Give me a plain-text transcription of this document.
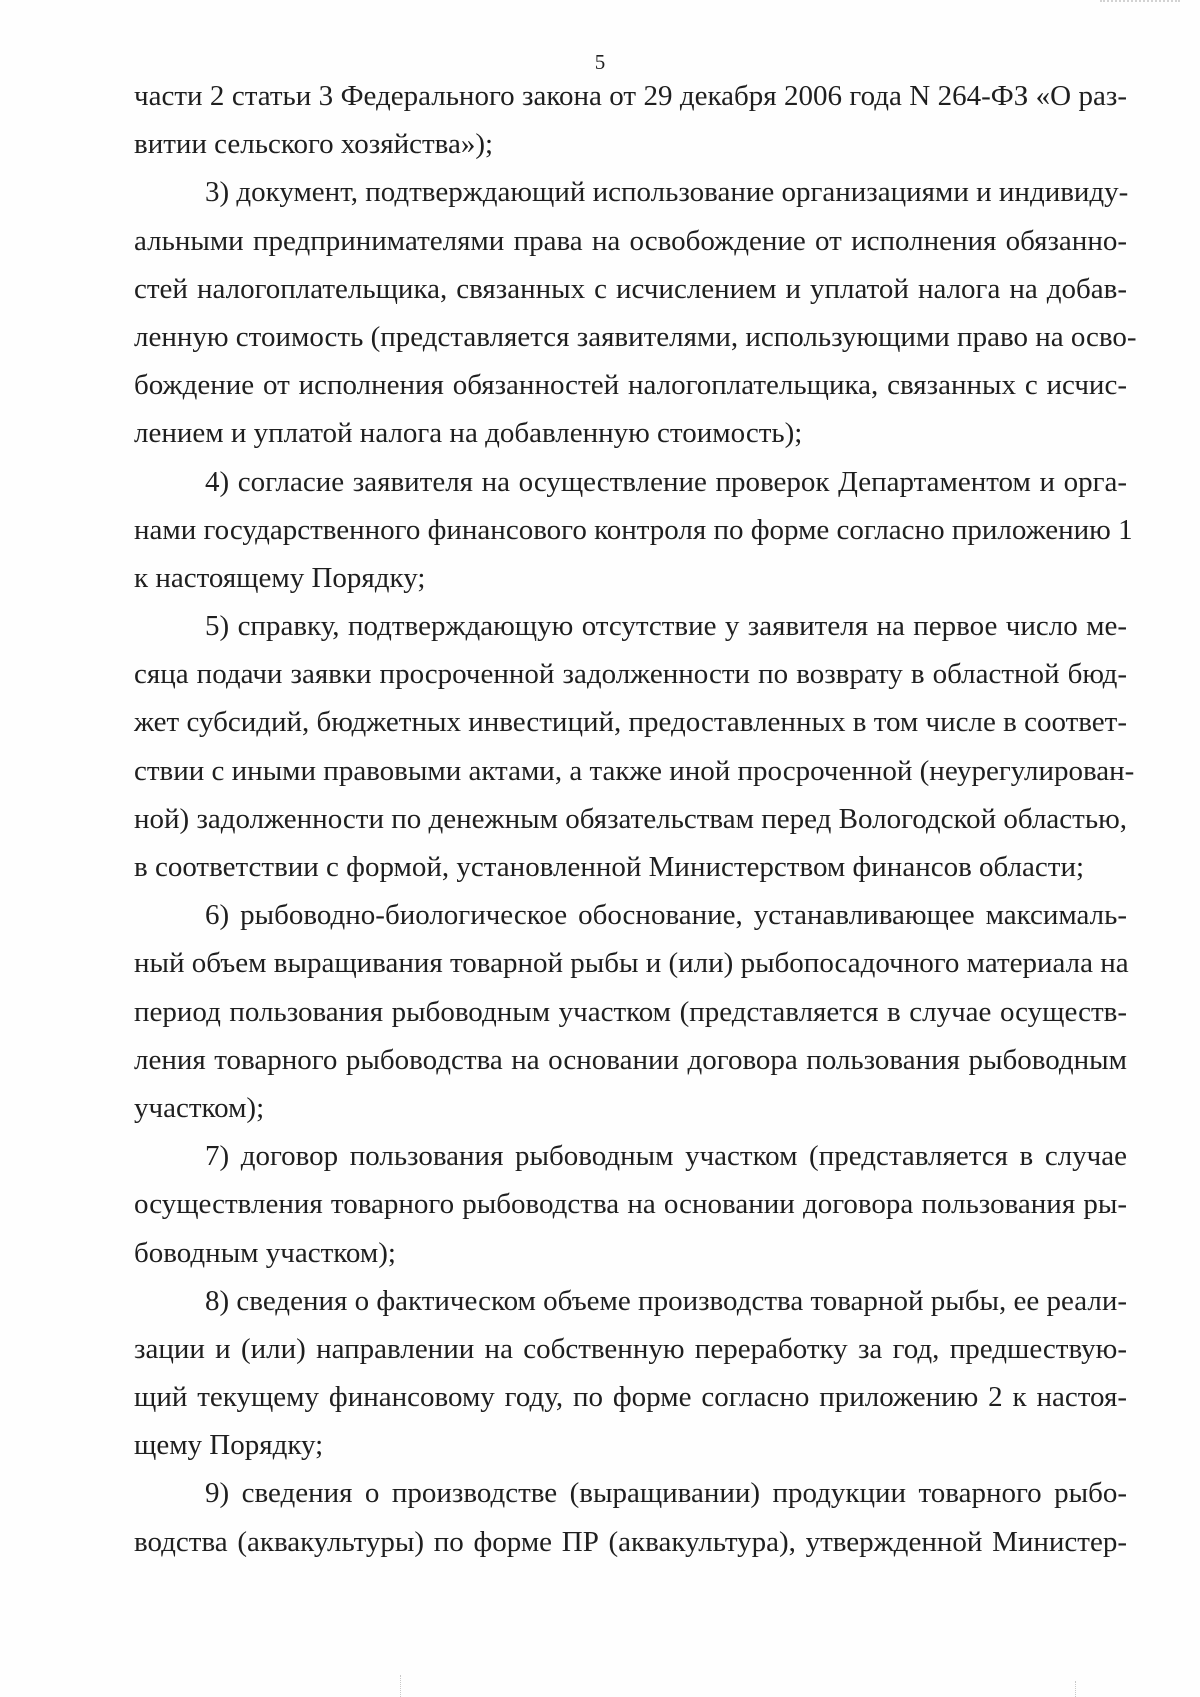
5
части 2 статьи 3 Федерального закона от 29 декабря 2006 года N 264-ФЗ «О раз-
витии сельского хозяйства»);
3) документ, подтверждающий использование организациями и индивиду-
альными предпринимателями права на освобождение от исполнения обязанно-
стей налогоплательщика, связанных с исчислением и уплатой налога на добав-
ленную стоимость (представляется заявителями, использующими право на осво-
бождение от исполнения обязанностей налогоплательщика, связанных с исчис-
лением и уплатой налога на добавленную стоимость);
4) согласие заявителя на осуществление проверок Департаментом и орга-
нами государственного финансового контроля по форме согласно приложению 1
к настоящему Порядку;
5) справку, подтверждающую отсутствие у заявителя на первое число ме-
сяца подачи заявки просроченной задолженности по возврату в областной бюд-
жет субсидий, бюджетных инвестиций, предоставленных в том числе в соответ-
ствии с иными правовыми актами, а также иной просроченной (неурегулирован-
ной) задолженности по денежным обязательствам перед Вологодской областью,
в соответствии с формой, установленной Министерством финансов области;
6) рыбоводно-биологическое обоснование, устанавливающее максималь-
ный объем выращивания товарной рыбы и (или) рыбопосадочного материала на
период пользования рыбоводным участком (представляется в случае осуществ-
ления товарного рыбоводства на основании договора пользования рыбоводным
участком);
7) договор пользования рыбоводным участком (представляется в случае
осуществления товарного рыбоводства на основании договора пользования ры-
боводным участком);
8) сведения о фактическом объеме производства товарной рыбы, ее реали-
зации и (или) направлении на собственную переработку за год, предшествую-
щий текущему финансовому году, по форме согласно приложению 2 к настоя-
щему Порядку;
9) сведения о производстве (выращивании) продукции товарного рыбо-
водства (аквакультуры) по форме ПР (аквакультура), утвержденной Министер-
